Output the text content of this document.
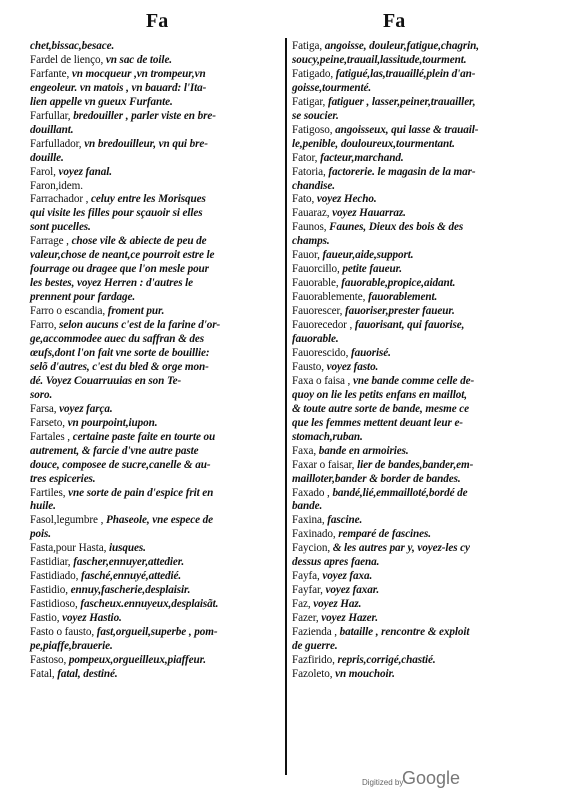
Fa	Fa
chet,bissac,besace.
Fardel de lienço, vn sac de toile.
Farfante, vn mocqueur ,vn trompeur,vn
engeoleur. vn matois , vn bauard: l'Ita-
lien appelle vn gueux Furfante.
Farfullar, bredouiller , parler viste en bre-
douillant.
Farfullador, vn bredouilleur, vn qui bre-
douille.
Farol, voyez fanal.
Faron,idem.
Farrachador , celuy entre les Morisques
qui visite les filles pour sçauoir si elles
sont pucelles.
Farrage , chose vile & abiecte de peu de
valeur,chose de neant,ce pourroit estre le
fourrage ou dragee que l'on mesle pour
les bestes, voyez Herren : d'autres le
prennent pour fardage.
Farro o escandia, froment pur.
Farro, selon aucuns c'est de la farine d'or-
ge,accommodee auec du saffran & des
œufs,dont l'on fait vne sorte de bouillie:
selõ d'autres, c'est du bled & orge mon-
dé. Voyez Couarruuias en son Te-
soro.
Farsa, voyez farça.
Farseto, vn pourpoint,iupon.
Fartales , certaine paste faite en tourte ou
autrement, & farcie d'vne autre paste
douce, composee de sucre,canelle & au-
tres espiceries.
Fartiles, vne sorte de pain d'espice frit en
huile.
Fasol,legumbre , Phaseole, vne espece de
pois.
Fasta,pour Hasta, iusques.
Fastidiar, fascher,ennuyer,attedier.
Fastidiado, fasché,ennuyé,attedié.
Fastidio, ennuy,fascherie,desplaisir.
Fastidioso, fascheux.ennuyeux,desplaisãt.
Fastio, voyez Hastio.
Fasto o fausto, fast,orgueil,superbe , pom-
pe,piaffe,brauerie.
Fastoso, pompeux,orgueilleux,piaffeur.
Fatal, fatal, destiné.
Fatiga, angoisse, douleur,fatigue,chagrin,
soucy,peine,trauail,lassitude,tourment.
Fatigado, fatigué,las,trauaillé,plein d'an-
goisse,tourmenté.
Fatigar, fatiguer , lasser,peiner,trauailler,
se soucier.
Fatigoso, angoisseux, qui lasse & trauail-
le,penible, douloureux,tourmentant.
Fator, facteur,marchand.
Fatoria, factorerie. le magasin de la mar-
chandise.
Fato, voyez Hecho.
Fauaraz, voyez Hauarraz.
Faunos, Faunes, Dieux des bois & des
champs.
Fauor, faueur,aide,support.
Fauorcillo, petite faueur.
Fauorable, fauorable,propice,aidant.
Fauorablemente, fauorablement.
Fauorescer, fauoriser,prester faueur.
Fauorecedor , fauorisant, qui fauorise,
fauorable.
Fauorescido, fauorisé.
Fausto, voyez fasto.
Faxa o faisa , vne bande comme celle de-
quoy on lie les petits enfans en maillot,
& toute autre sorte de bande, mesme ce
que les femmes mettent deuant leur e-
stomach,ruban.
Faxa, bande en armoiries.
Faxar o faisar, lier de bandes,bander,em-
mailloter,bander & border de bandes.
Faxado , bandé,lié,emmailloté,bordé de
bande.
Faxina, fascine.
Faxinado, remparé de fascines.
Faycion, & les autres par y, voyez-les cy
dessus apres faena.
Fayfa, voyez faxa.
Fayfar, voyez faxar.
Faz, voyez Haz.
Fazer, voyez Hazer.
Fazienda , bataille , rencontre & exploit
de guerre.
Fazfirido, repris,corrigé,chastié.
Fazoleto, vn mouchoir.
Digitized by
Google
